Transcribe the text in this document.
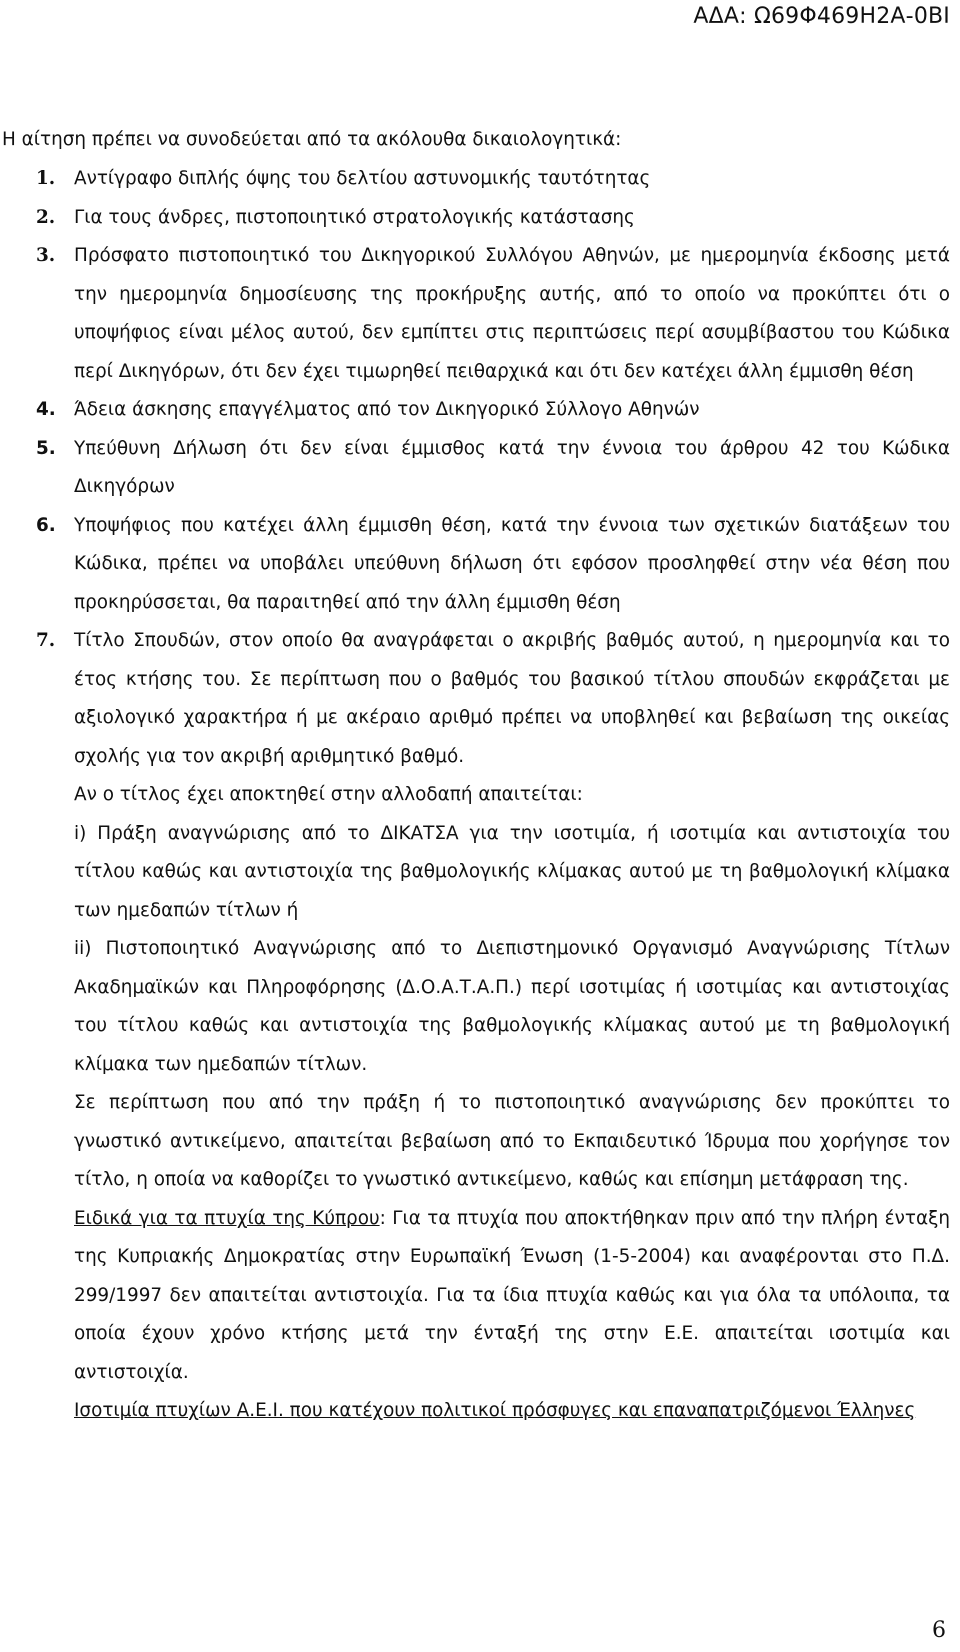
ΑΔΑ: Ω69Φ469Η2Α-0ΒΙ

Η αίτηση πρέπει να συνοδεύεται από τα ακόλουθα δικαιολογητικά:

1. Αντίγραφο διπλής όψης του δελτίου αστυνομικής ταυτότητας
2. Για τους άνδρες, πιστοποιητικό στρατολογικής κατάστασης
3. Πρόσφατο πιστοποιητικό του Δικηγορικού Συλλόγου Αθηνών, με ημερομηνία έκδοσης μετά την ημερομηνία δημοσίευσης της προκήρυξης αυτής, από το οποίο να προκύπτει ότι ο υποψήφιος είναι μέλος αυτού, δεν εμπίπτει στις περιπτώσεις περί ασυμβίβαστου του Κώδικα περί Δικηγόρων, ότι δεν έχει τιμωρηθεί πειθαρχικά και ότι δεν κατέχει άλλη έμμισθη θέση
4. Άδεια άσκησης επαγγέλματος από τον Δικηγορικό Σύλλογο Αθηνών
5. Υπεύθυνη Δήλωση ότι δεν είναι έμμισθος κατά την έννοια του άρθρου 42 του Κώδικα Δικηγόρων
6. Υποψήφιος που κατέχει άλλη έμμισθη θέση, κατά την έννοια των σχετικών διατάξεων του Κώδικα, πρέπει να υποβάλει υπεύθυνη δήλωση ότι εφόσον προσληφθεί στην νέα θέση που προκηρύσσεται, θα παραιτηθεί από την άλλη έμμισθη θέση
7. Τίτλο Σπουδών, στον οποίο θα αναγράφεται ο ακριβής βαθμός αυτού, η ημερομηνία και το έτος κτήσης του. Σε περίπτωση που ο βαθμός του βασικού τίτλου σπουδών εκφράζεται με αξιολογικό χαρακτήρα ή με ακέραιο αριθμό πρέπει να υποβληθεί και βεβαίωση της οικείας σχολής για τον ακριβή αριθμητικό βαθμό.
Αν ο τίτλος έχει αποκτηθεί στην αλλοδαπή απαιτείται:
i) Πράξη αναγνώρισης από το ΔΙΚΑΤΣΑ για την ισοτιμία, ή ισοτιμία και αντιστοιχία του τίτλου καθώς και αντιστοιχία της βαθμολογικής κλίμακας αυτού με τη βαθμολογική κλίμακα των ημεδαπών τίτλων ή
ii) Πιστοποιητικό Αναγνώρισης από το Διεπιστημονικό Οργανισμό Αναγνώρισης Τίτλων Ακαδημαϊκών και Πληροφόρησης (Δ.Ο.Α.Τ.Α.Π.) περί ισοτιμίας ή ισοτιμίας και αντιστοιχίας του τίτλου καθώς και αντιστοιχία της βαθμολογικής κλίμακας αυτού με τη βαθμολογική κλίμακα των ημεδαπών τίτλων.
Σε περίπτωση που από την πράξη ή το πιστοποιητικό αναγνώρισης δεν προκύπτει το γνωστικό αντικείμενο, απαιτείται βεβαίωση από το Εκπαιδευτικό Ίδρυμα που χορήγησε τον τίτλο, η οποία να καθορίζει το γνωστικό αντικείμενο, καθώς και επίσημη μετάφραση της.
Ειδικά για τα πτυχία της Κύπρου: Για τα πτυχία που αποκτήθηκαν πριν από την πλήρη ένταξη της Κυπριακής Δημοκρατίας στην Ευρωπαϊκή Ένωση (1-5-2004) και αναφέρονται στο Π.Δ. 299/1997 δεν απαιτείται αντιστοιχία. Για τα ίδια πτυχία καθώς και για όλα τα υπόλοιπα, τα οποία έχουν χρόνο κτήσης μετά την ένταξή της στην Ε.Ε. απαιτείται ισοτιμία και αντιστοιχία.
Ισοτιμία πτυχίων Α.Ε.Ι. που κατέχουν πολιτικοί πρόσφυγες και επαναπατριζόμενοι Έλληνες
6
